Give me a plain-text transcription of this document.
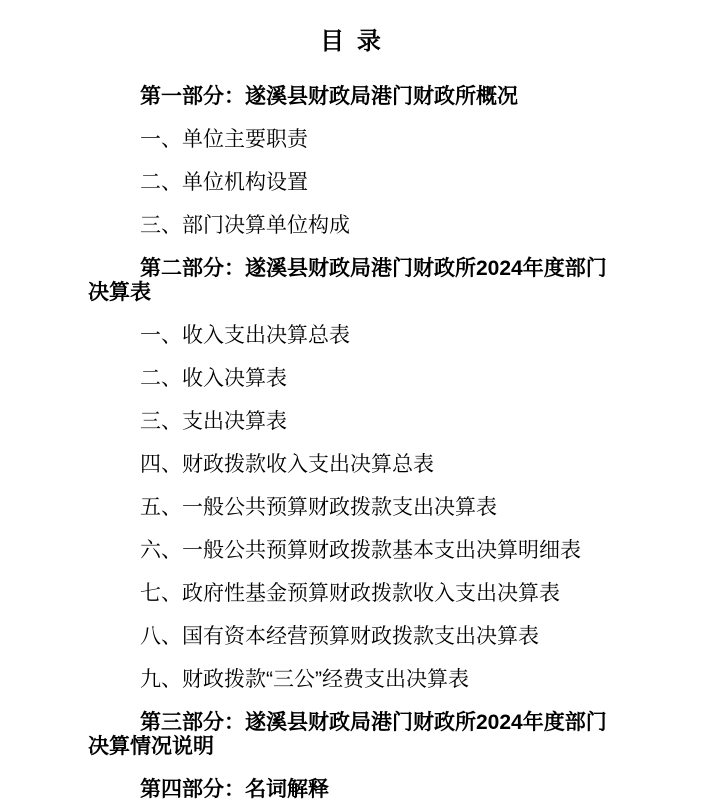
目 录

第一部分：遂溪县财政局港门财政所概况

一、单位主要职责

二、单位机构设置

三、部门决算单位构成

第二部分：遂溪县财政局港门财政所2024年度部门决算表

一、收入支出决算总表

二、收入决算表

三、支出决算表

四、财政拨款收入支出决算总表

五、一般公共预算财政拨款支出决算表

六、一般公共预算财政拨款基本支出决算明细表

七、政府性基金预算财政拨款收入支出决算表

八、国有资本经营预算财政拨款支出决算表

九、财政拨款“三公”经费支出决算表

第三部分：遂溪县财政局港门财政所2024年度部门决算情况说明

第四部分：名词解释
